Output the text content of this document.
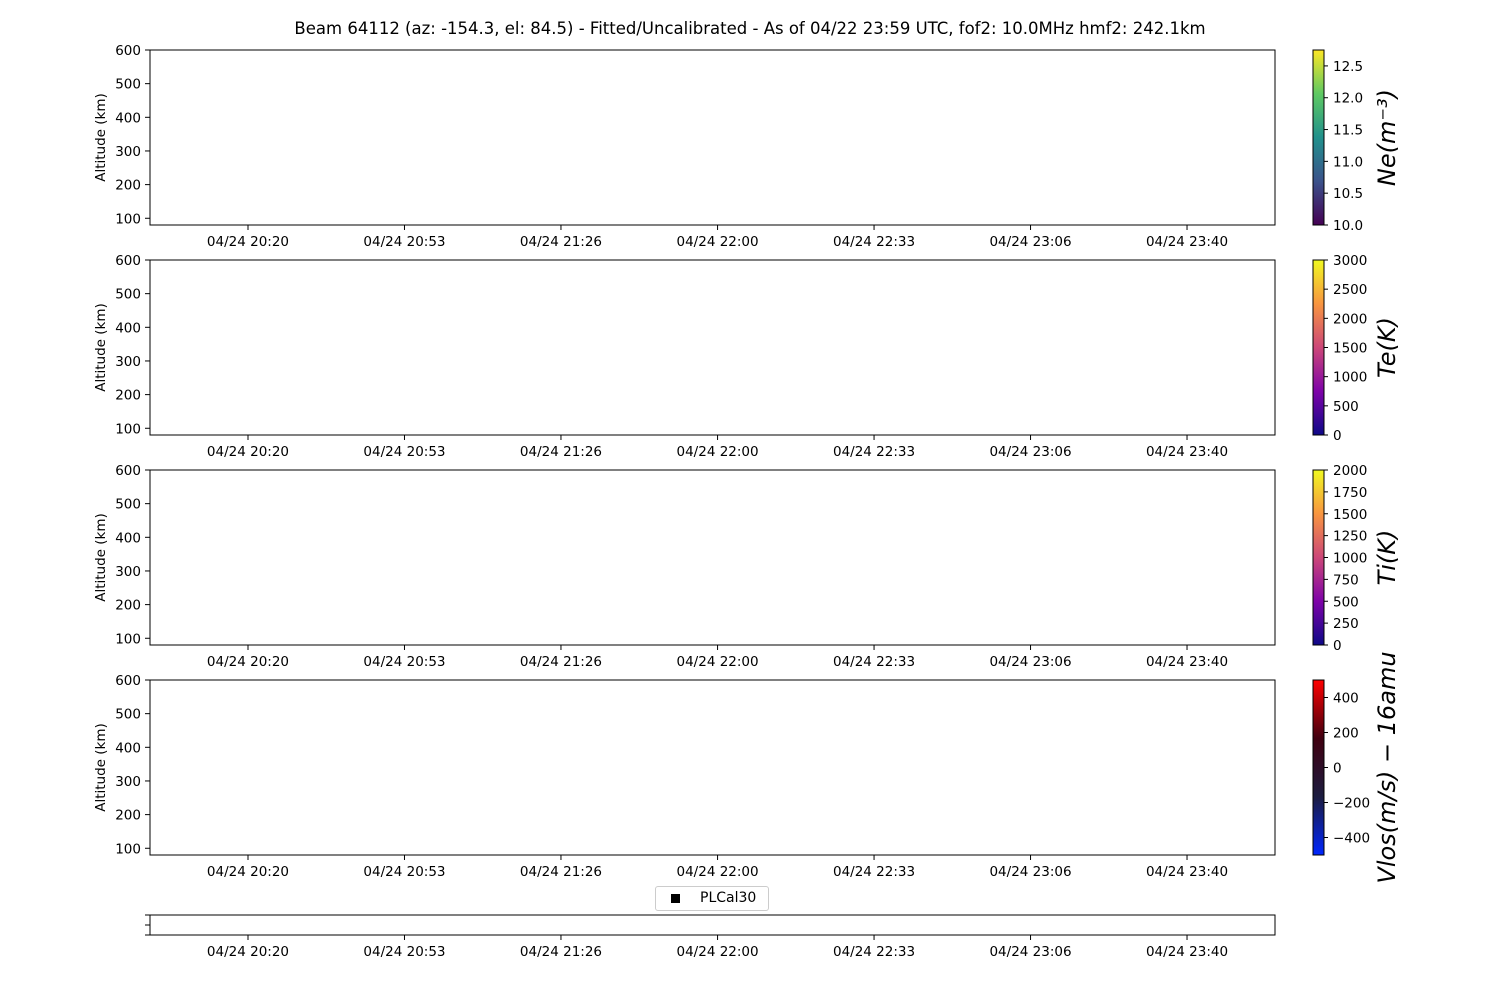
Beam 64112 (az: -154.3, el: 84.5) - Fitted/Uncalibrated - As of 04/22 23:59 UTC, fof2: 10.0MHz hmf2: 242.1km
100
200
300
400
500
600
Altitude (km)
04/24 20:20	04/24 20:53	04/24 21:26	04/24 22:00	04/24 22:33	04/24 23:06	04/24 23:40
10.0
10.5
11.0
11.5
12.0
12.5
Ne(m⁻³)
100
200
300
400
500
600
Altitude (km)
04/24 20:20	04/24 20:53	04/24 21:26	04/24 22:00	04/24 22:33	04/24 23:06	04/24 23:40
0
500
1000
1500
2000
2500
3000
Te(K)
100
200
300
400
500
600
Altitude (km)
04/24 20:20	04/24 20:53	04/24 21:26	04/24 22:00	04/24 22:33	04/24 23:06	04/24 23:40
0
250
500
750
1000
1250
1500
1750
2000
Ti(K)
100
200
300
400
500
600
Altitude (km)
04/24 20:20	04/24 20:53	04/24 21:26	04/24 22:00	04/24 22:33	04/24 23:06	04/24 23:40
−400
−200
0
200
400 Vlos(m/s) − 16amu
04/24 20:20	04/24 20:53	04/24 21:26	04/24 22:00	04/24 22:33	04/24 23:06	04/24 23:40
PLCal30
